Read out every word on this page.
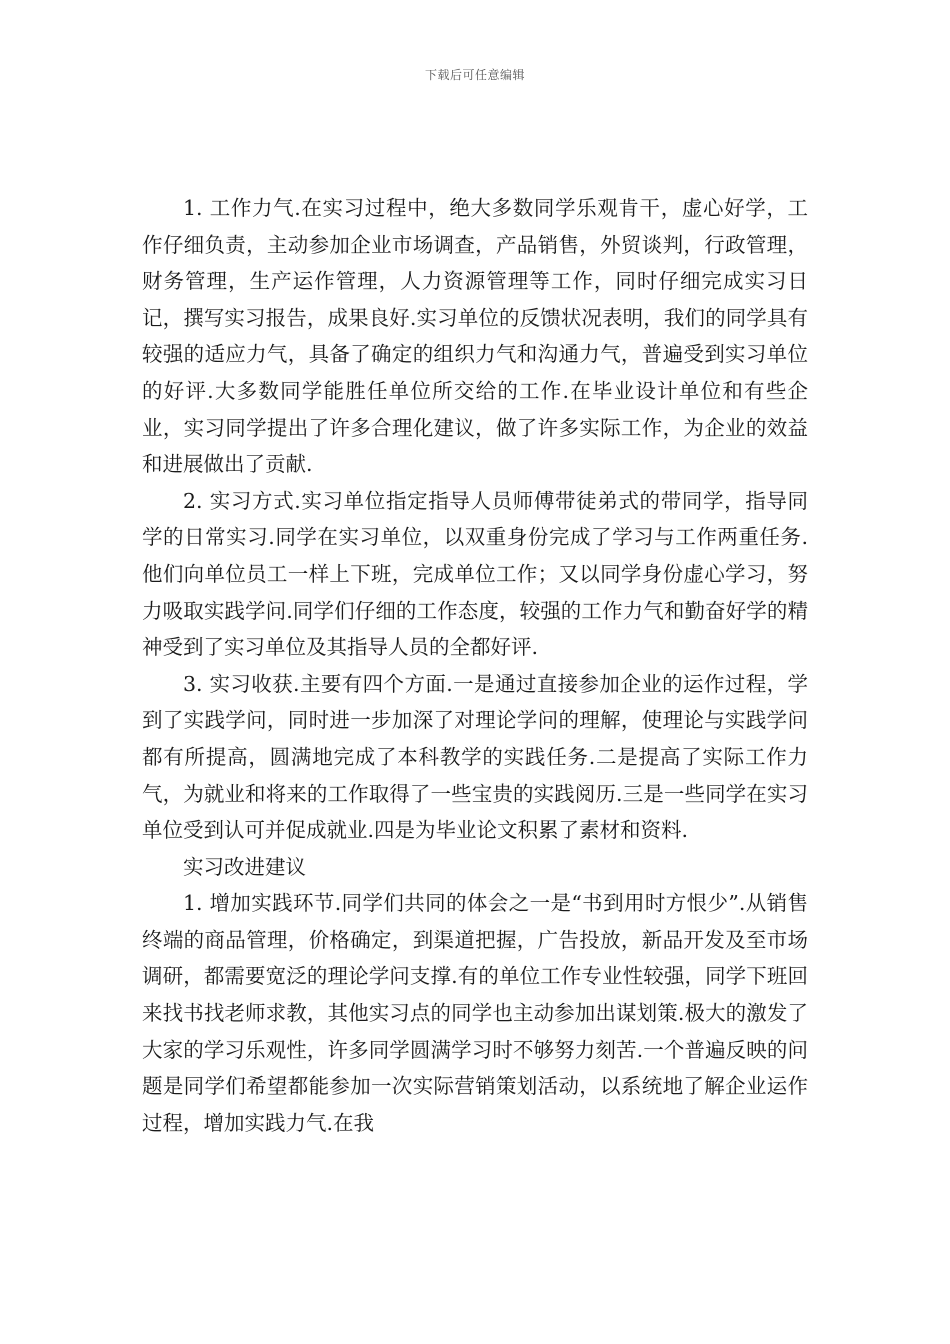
下载后可任意编辑

1. 工作力气.在实习过程中，绝大多数同学乐观肯干，虚心好学，工作仔细负责，主动参加企业市场调查，产品销售，外贸谈判，行政管理，财务管理，生产运作管理，人力资源管理等工作，同时仔细完成实习日记，撰写实习报告，成果良好.实习单位的反馈状况表明，我们的同学具有较强的适应力气，具备了确定的组织力气和沟通力气，普遍受到实习单位的好评.大多数同学能胜任单位所交给的工作.在毕业设计单位和有些企业，实习同学提出了许多合理化建议，做了许多实际工作，为企业的效益和进展做出了贡献.

2. 实习方式.实习单位指定指导人员师傅带徒弟式的带同学，指导同学的日常实习.同学在实习单位，以双重身份完成了学习与工作两重任务.他们向单位员工一样上下班，完成单位工作；又以同学身份虚心学习，努力吸取实践学问.同学们仔细的工作态度，较强的工作力气和勤奋好学的精神受到了实习单位及其指导人员的全都好评.

3. 实习收获.主要有四个方面.一是通过直接参加企业的运作过程，学到了实践学问，同时进一步加深了对理论学问的理解，使理论与实践学问都有所提高，圆满地完成了本科教学的实践任务.二是提高了实际工作力气，为就业和将来的工作取得了一些宝贵的实践阅历.三是一些同学在实习单位受到认可并促成就业.四是为毕业论文积累了素材和资料.

实习改进建议

1. 增加实践环节.同学们共同的体会之一是“书到用时方恨少”.从销售终端的商品管理，价格确定，到渠道把握，广告投放，新品开发及至市场调研，都需要宽泛的理论学问支撑.有的单位工作专业性较强，同学下班回来找书找老师求教，其他实习点的同学也主动参加出谋划策.极大的激发了大家的学习乐观性，许多同学圆满学习时不够努力刻苦.一个普遍反映的问题是同学们希望都能参加一次实际营销策划活动，以系统地了解企业运作过程，增加实践力气.在我
